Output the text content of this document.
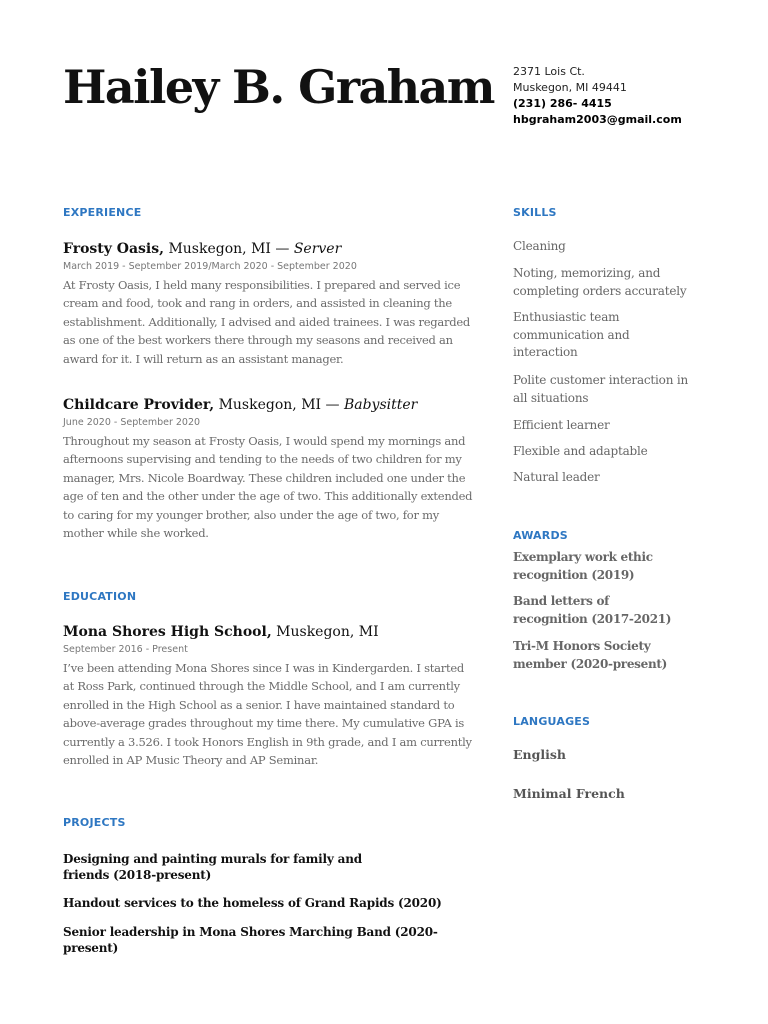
Hailey B. Graham 2371 Lois Ct.
Muskegon, MI 49441
(231) 286- 4415
hbgraham2003@gmail.com
EXPERIENCE
Frosty Oasis, Muskegon, MI — Server
March 2019 - September 2019/March 2020 - September 2020
At Frosty Oasis, I held many responsibilities. I prepared and served ice cream and food, took and rang in orders, and assisted in cleaning the establishment. Additionally, I advised and aided trainees. I was regarded as one of the best workers there through my seasons and received an award for it. I will return as an assistant manager.
Childcare Provider, Muskegon, MI — Babysitter
June 2020 - September 2020
Throughout my season at Frosty Oasis, I would spend my mornings and afternoons supervising and tending to the needs of two children for my manager, Mrs. Nicole Boardway. These children included one under the age of ten and the other under the age of two. This additionally extended to caring for my younger brother, also under the age of two, for my mother while she worked.
EDUCATION
Mona Shores High School, Muskegon, MI
September 2016 - Present
I’ve been attending Mona Shores since I was in Kindergarden. I started at Ross Park, continued through the Middle School, and I am currently enrolled in the High School as a senior. I have maintained standard to above-average grades throughout my time there. My cumulative GPA is currently a 3.526. I took Honors English in 9th grade, and I am currently enrolled in AP Music Theory and AP Seminar.
PROJECTS
Designing and painting murals for family and friends (2018-present)
Handout services to the homeless of Grand Rapids (2020)
Senior leadership in Mona Shores Marching Band (2020-present)
SKILLS
Cleaning
Noting, memorizing, and completing orders accurately
Enthusiastic team communication and interaction
Polite customer interaction in all situations
Efficient learner
Flexible and adaptable
Natural leader
AWARDS
Exemplary work ethic recognition (2019)
Band letters of recognition (2017-2021)
Tri-M Honors Society member (2020-present)
LANGUAGES
English
Minimal French
